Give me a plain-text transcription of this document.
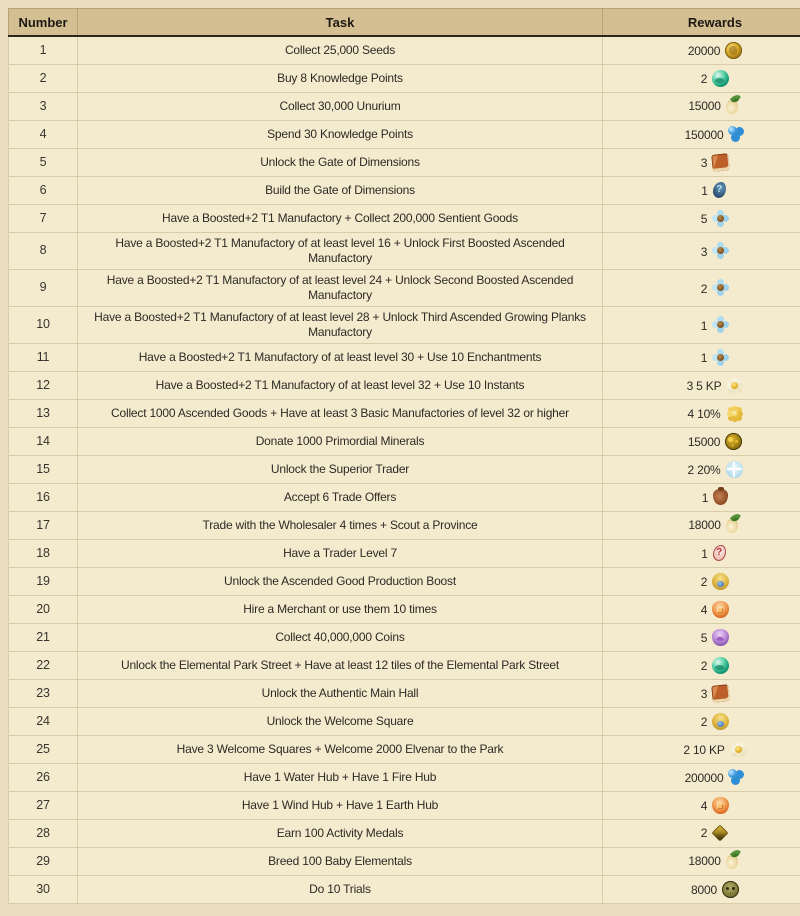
Number	Task	Rewards	
1	Collect 25,000 Seeds	20000	
2	Buy 8 Knowledge Points	2	
3	Collect 30,000 Unurium	15000	
4	Spend 30 Knowledge Points	150000	
5	Unlock the Gate of Dimensions	3	
6	Build the Gate of Dimensions	1?	
7	Have a Boosted+2 T1 Manufactory + Collect 200,000 Sentient Goods	5	
8	Have a Boosted+2 T1 Manufactory of at least level 16 + Unlock First Boosted Ascended Manufactory	3	
9	Have a Boosted+2 T1 Manufactory of at least level 24 + Unlock Second Boosted Ascended Manufactory	2	
10	Have a Boosted+2 T1 Manufactory of at least level 28 + Unlock Third Ascended Growing Planks Manufactory	1	
11	Have a Boosted+2 T1 Manufactory of at least level 30 + Use 10 Enchantments	1	
12	Have a Boosted+2 T1 Manufactory of at least level 32 + Use 10 Instants	3 5 KP	
13	Collect 1000 Ascended Goods + Have at least 3 Basic Manufactories of level 32 or higher	4 10%	
14	Donate 1000 Primordial Minerals	15000	
15	Unlock the Superior Trader	2 20%	
16	Accept 6 Trade Offers	1	
17	Trade with the Wholesaler 4 times + Scout a Province	18000	
18	Have a Trader Level 7	1?	
19	Unlock the Ascended Good Production Boost	2	
20	Hire a Merchant or use them 10 times	4	
21	Collect 40,000,000 Coins	5	
22	Unlock the Elemental Park Street + Have at least 12 tiles of the Elemental Park Street	2	
23	Unlock the Authentic Main Hall	3	
24	Unlock the Welcome Square	2	
25	Have 3 Welcome Squares + Welcome 2000 Elvenar to the Park	2 10 KP	
26	Have 1 Water Hub + Have 1 Fire Hub	200000	
27	Have 1 Wind Hub + Have 1 Earth Hub	4	
28	Earn 100 Activity Medals	2	
29	Breed 100 Baby Elementals	18000	
30	Do 10 Trials	8000	
